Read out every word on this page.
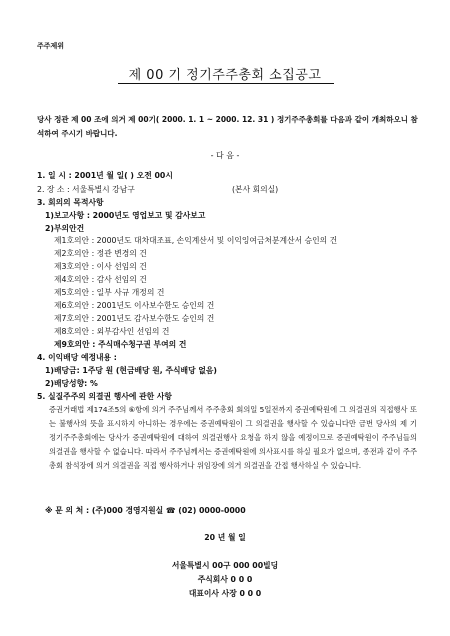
주주제위
제 00 기 정기주주총회 소집공고
당사 정관 제 00 조에 의거 제 00기( 2000. 1. 1 ~ 2000. 12. 31 ) 정기주주총회를 다음과 같이 개최하오니 참석하여 주시기 바랍니다.
- 다 음 -
1. 일 시 : 2001년 월 일( ) 오전 00시
2. 장 소 : 서울특별시 강남구	(본사 회의실)
3. 회의의 목적사항
1)보고사항 : 2000년도 영업보고 및 감사보고
2)부의안건
제1호의안 : 2000년도 대차대조표, 손익계산서 및 이익잉여금처분계산서 승인의 건
제2호의안 : 정관 변경의 건
제3호의안 : 이사 선임의 건
제4호의안 : 감사 선임의 건
제5호의안 : 일부 사규 개정의 건
제6호의안 : 2001년도 이사보수한도 승인의 건
제7호의안 : 2001년도 감사보수한도 승인의 건
제8호의안 : 외부감사인 선임의 건
제9호의안 : 주식매수청구권 부여의 건
4. 이익배당 예정내용 :
1)배당금: 1주당 원 (현금배당 원, 주식배당 없음)
2)배당성향: %
5. 실질주주의 의결권 행사에 관한 사항
증권거래법 제174조5의 ⑥항에 의거 주주님께서 주주총회 회의일 5일전까지 증권예탁원에 그 의결권의 직접행사 또는 불행사의 뜻을 표시하지 아니하는 경우에는 증권예탁원이 그 의결권을 행사할 수 있습니다만 금번 당사의 제 기 정기주주총회에는 당사가 증권예탁원에 대하여 의결권행사 요청을 하지 않을 예정이므로 증권예탁원이 주주님들의 의결권을 행사할 수 없습니다. 따라서 주주님께서는 증권예탁원에 의사표시를 하실 필요가 없으며, 종전과 같이 주주총회 참석장에 의거 의결권을 직접 행사하거나 위임장에 의거 의결권을 간접 행사하실 수 있습니다.
※ 문 의 처 : (주)000 경영지원실 ☎ (02) 0000-0000
20 년 월 일
서울특별시 00구 000 00빌딩
주식회사 0 0 0
대표이사 사장 0 0 0
